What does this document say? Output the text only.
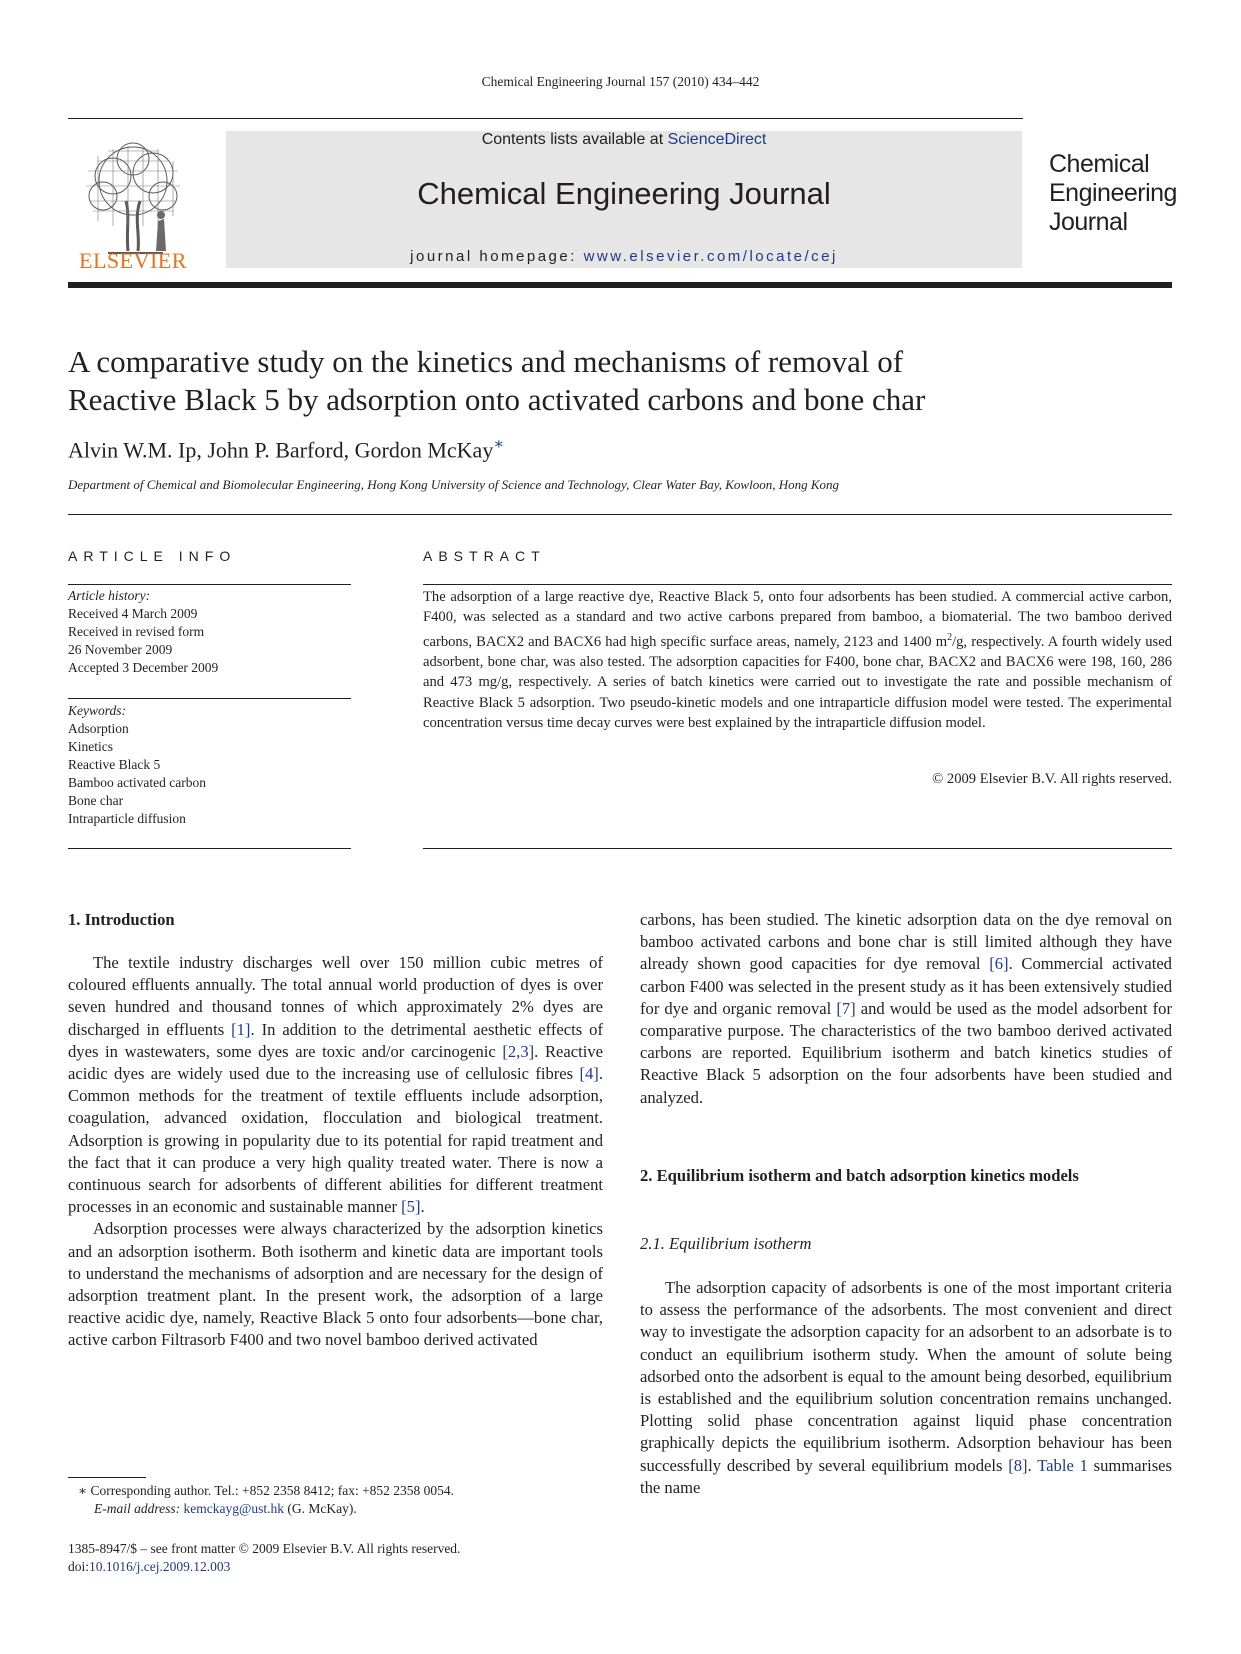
Chemical Engineering Journal 157 (2010) 434–442
ELSEVIER
Contents lists available at ScienceDirect
Chemical Engineering Journal
journal homepage: www.elsevier.com/locate/cej
Chemical
Engineering
Journal
A comparative study on the kinetics and mechanisms of removal of
Reactive Black 5 by adsorption onto activated carbons and bone char
Alvin W.M. Ip, John P. Barford, Gordon McKay∗
Department of Chemical and Biomolecular Engineering, Hong Kong University of Science and Technology, Clear Water Bay, Kowloon, Hong Kong
ARTICLE INFO	ABSTRACT
Article history:
Received 4 March 2009
Received in revised form
26 November 2009
Accepted 3 December 2009
Keywords:
Adsorption
Kinetics
Reactive Black 5
Bamboo activated carbon
Bone char
Intraparticle diffusion
The adsorption of a large reactive dye, Reactive Black 5, onto four adsorbents has been studied. A commercial active carbon, F400, was selected as a standard and two active carbons prepared from bamboo, a biomaterial. The two bamboo derived carbons, BACX2 and BACX6 had high specific surface areas, namely, 2123 and 1400 $m^2/g$, respectively. A fourth widely used adsorbent, bone char, was also tested. The adsorption capacities for F400, bone char, BACX2 and BACX6 were 198, 160, 286 and 473 mg/g, respectively. A series of batch kinetics were carried out to investigate the rate and possible mechanism of Reactive Black 5 adsorption. Two pseudo-kinetic models and one intraparticle diffusion model were tested. The experimental concentration versus time decay curves were best explained by the intraparticle diffusion model.
© 2009 Elsevier B.V. All rights reserved.
1. Introduction

The textile industry discharges well over 150 million cubic metres of coloured effluents annually. The total annual world production of dyes is over seven hundred and thousand tonnes of which approximately 2% dyes are discharged in effluents [1]. In addition to the detrimental aesthetic effects of dyes in wastewaters, some dyes are toxic and/or carcinogenic [2,3]. Reactive acidic dyes are widely used due to the increasing use of cellulosic fibres [4]. Common methods for the treatment of textile effluents include adsorption, coagulation, advanced oxidation, flocculation and biological treatment. Adsorption is growing in popularity due to its potential for rapid treatment and the fact that it can produce a very high quality treated water. There is now a continuous search for adsorbents of different abilities for different treatment processes in an economic and sustainable manner [5].

Adsorption processes were always characterized by the adsorption kinetics and an adsorption isotherm. Both isotherm and kinetic data are important tools to understand the mechanisms of adsorption and are necessary for the design of adsorption treatment plant. In the present work, the adsorption of a large reactive acidic dye, namely, Reactive Black 5 onto four adsorbents—bone char, active carbon Filtrasorb F400 and two novel bamboo derived activated

carbons, has been studied. The kinetic adsorption data on the dye removal on bamboo activated carbons and bone char is still limited although they have already shown good capacities for dye removal [6]. Commercial activated carbon F400 was selected in the present study as it has been extensively studied for dye and organic removal [7] and would be used as the model adsorbent for comparative purpose. The characteristics of the two bamboo derived activated carbons are reported. Equilibrium isotherm and batch kinetics studies of Reactive Black 5 adsorption on the four adsorbents have been studied and analyzed.

2. Equilibrium isotherm and batch adsorption kinetics models
2.1. Equilibrium isotherm

The adsorption capacity of adsorbents is one of the most important criteria to assess the performance of the adsorbents. The most convenient and direct way to investigate the adsorption capacity for an adsorbent to an adsorbate is to conduct an equilibrium isotherm study. When the amount of solute being adsorbed onto the adsorbent is equal to the amount being desorbed, equilibrium is established and the equilibrium solution concentration remains unchanged. Plotting solid phase concentration against liquid phase concentration graphically depicts the equilibrium isotherm. Adsorption behaviour has been successfully described by several equilibrium models [8]. Table 1 summarises the name

∗ Corresponding author. Tel.: +852 2358 8412; fax: +852 2358 0054.
E-mail address: kemckayg@ust.hk (G. McKay).
1385-8947/$ – see front matter © 2009 Elsevier B.V. All rights reserved.
doi:10.1016/j.cej.2009.12.003
